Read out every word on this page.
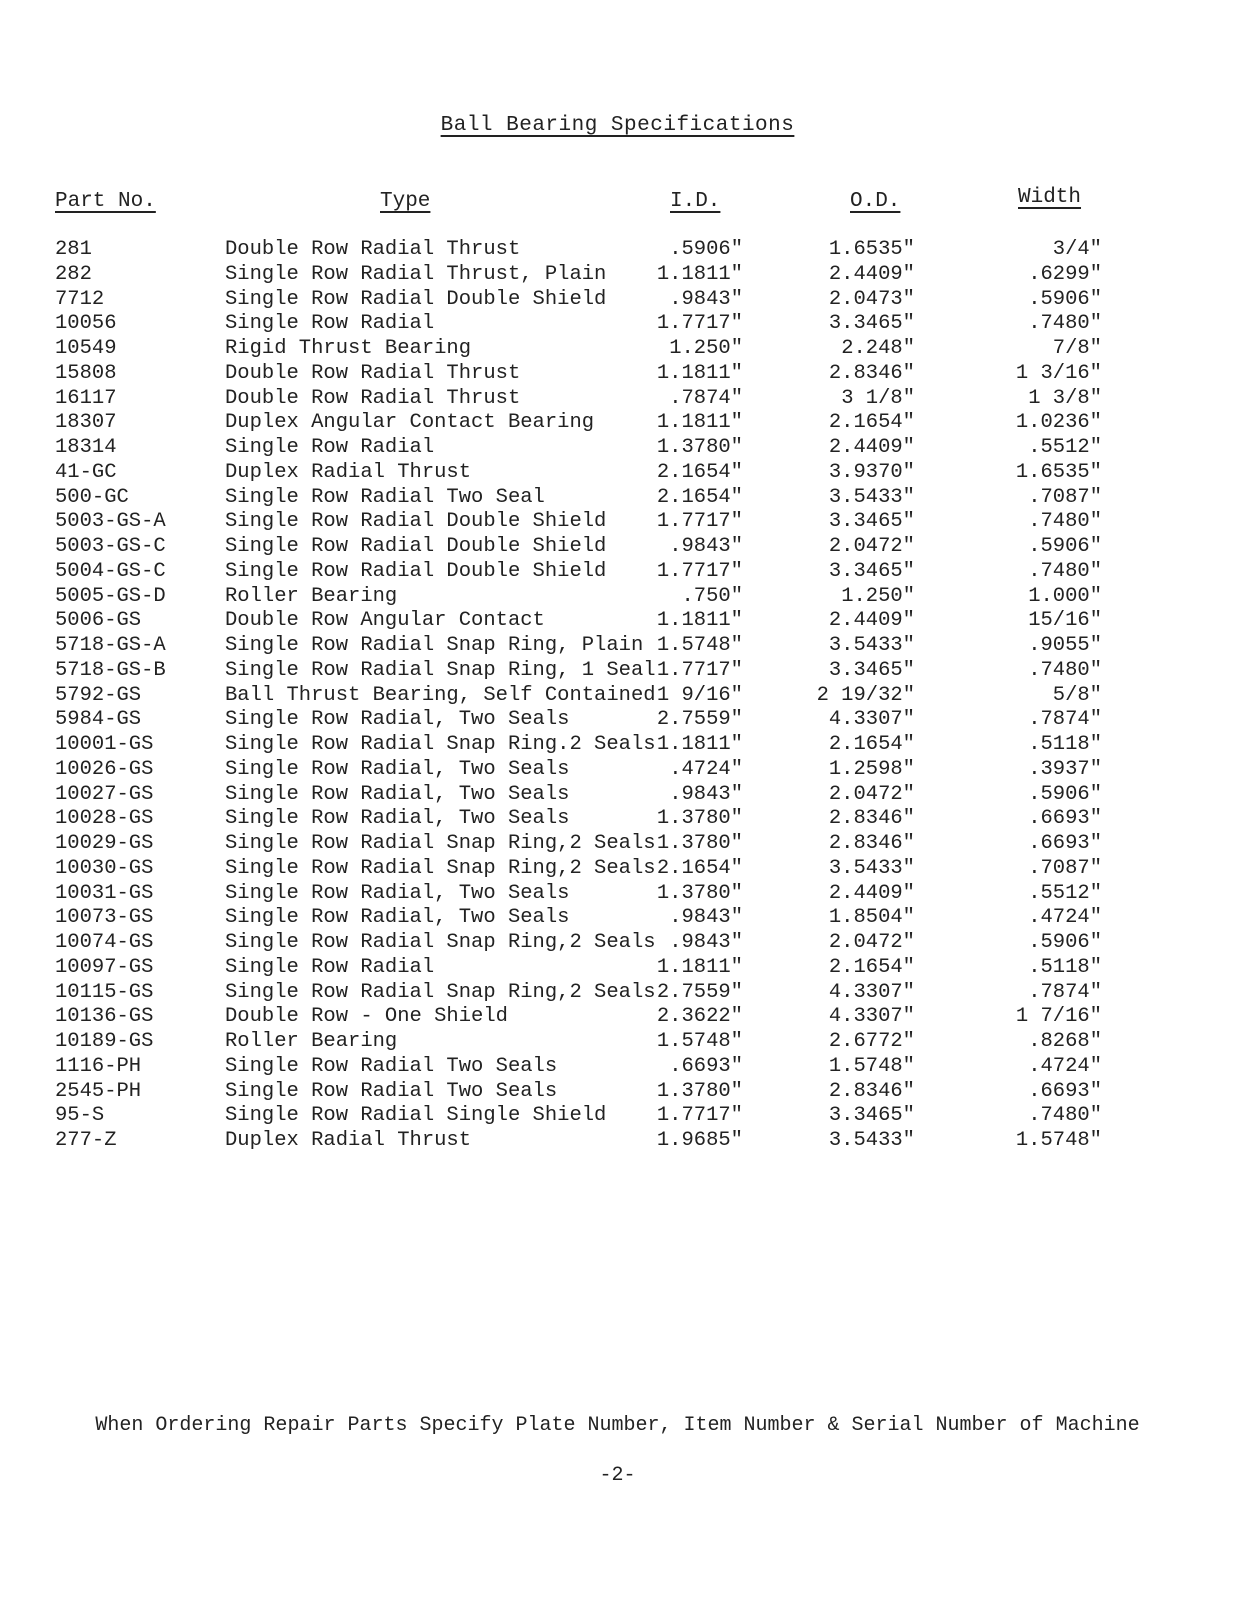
Ball Bearing Specifications
Part No.	Type	I.D.	O.D.	Width
281	Double Row Radial Thrust	.5906"	1.6535"	3/4"
282	Single Row Radial Thrust, Plain 1.1811"	2.4409"	.6299"
7712	Single Row Radial Double Shield	.9843"	2.0473"	.5906"
10056	Single Row Radial	1.7717"	3.3465"	.7480"
10549	Rigid Thrust Bearing	1.250"	2.248"	7/8"
15808	Double Row Radial Thrust	1.1811"	2.8346"	1 3/16"
16117	Double Row Radial Thrust	.7874"	3 1/8"	1 3/8"
18307	Duplex Angular Contact Bearing	1.1811"	2.1654"	1.0236"
18314	Single Row Radial	1.3780"	2.4409"	.5512"
41-GC	Duplex Radial Thrust	2.1654"	3.9370"	1.6535"
500-GC	Single Row Radial Two Seal	2.1654"	3.5433"	.7087"
5003-GS-A	Single Row Radial Double Shield 1.7717"	3.3465"	.7480"
5003-GS-C	Single Row Radial Double Shield	.9843"	2.0472"	.5906"
5004-GS-C	Single Row Radial Double Shield 1.7717"	3.3465"	.7480"
5005-GS-D	Roller Bearing	.750"	1.250"	1.000"
5006-GS	Double Row Angular Contact	1.1811"	2.4409"	15/16"
5718-GS-A	Single Row Radial Snap Ring, Plain 1.5748"	3.5433"	.9055"
5718-GS-B	Single Row Radial Snap Ring, 1 Seal 1.7717"	3.3465"	.7480"
5792-GS	Ball Thrust Bearing, Self Contained 1 9/16"	2 19/32"	5/8"
5984-GS	Single Row Radial, Two Seals	2.7559"	4.3307"	.7874"
10001-GS	Single Row Radial Snap Ring.2 Seals 1.1811"	2.1654"	.5118"
10026-GS	Single Row Radial, Two Seals	.4724"	1.2598"	.3937"
10027-GS	Single Row Radial, Two Seals	.9843"	2.0472"	.5906"
10028-GS	Single Row Radial, Two Seals	1.3780"	2.8346"	.6693"
10029-GS	Single Row Radial Snap Ring,2 Seals 1.3780"	2.8346"	.6693"
10030-GS	Single Row Radial Snap Ring,2 Seals 2.1654"	3.5433"	.7087"
10031-GS	Single Row Radial, Two Seals	1.3780"	2.4409"	.5512"
10073-GS	Single Row Radial, Two Seals	.9843"	1.8504"	.4724"
10074-GS	Single Row Radial Snap Ring,2 Seals .9843"	2.0472"	.5906"
10097-GS	Single Row Radial	1.1811"	2.1654"	.5118"
10115-GS	Single Row Radial Snap Ring,2 Seals 2.7559"	4.3307"	.7874"
10136-GS	Double Row - One Shield	2.3622"	4.3307"	1 7/16"
10189-GS	Roller Bearing	1.5748"	2.6772"	.8268"
1116-PH	Single Row Radial Two Seals	.6693"	1.5748"	.4724"
2545-PH	Single Row Radial Two Seals	1.3780"	2.8346"	.6693"
95-S	Single Row Radial Single Shield 1.7717"	3.3465"	.7480"
277-Z	Duplex Radial Thrust	1.9685"	3.5433"	1.5748"
When Ordering Repair Parts Specify Plate Number, Item Number & Serial Number of Machine
-2-
